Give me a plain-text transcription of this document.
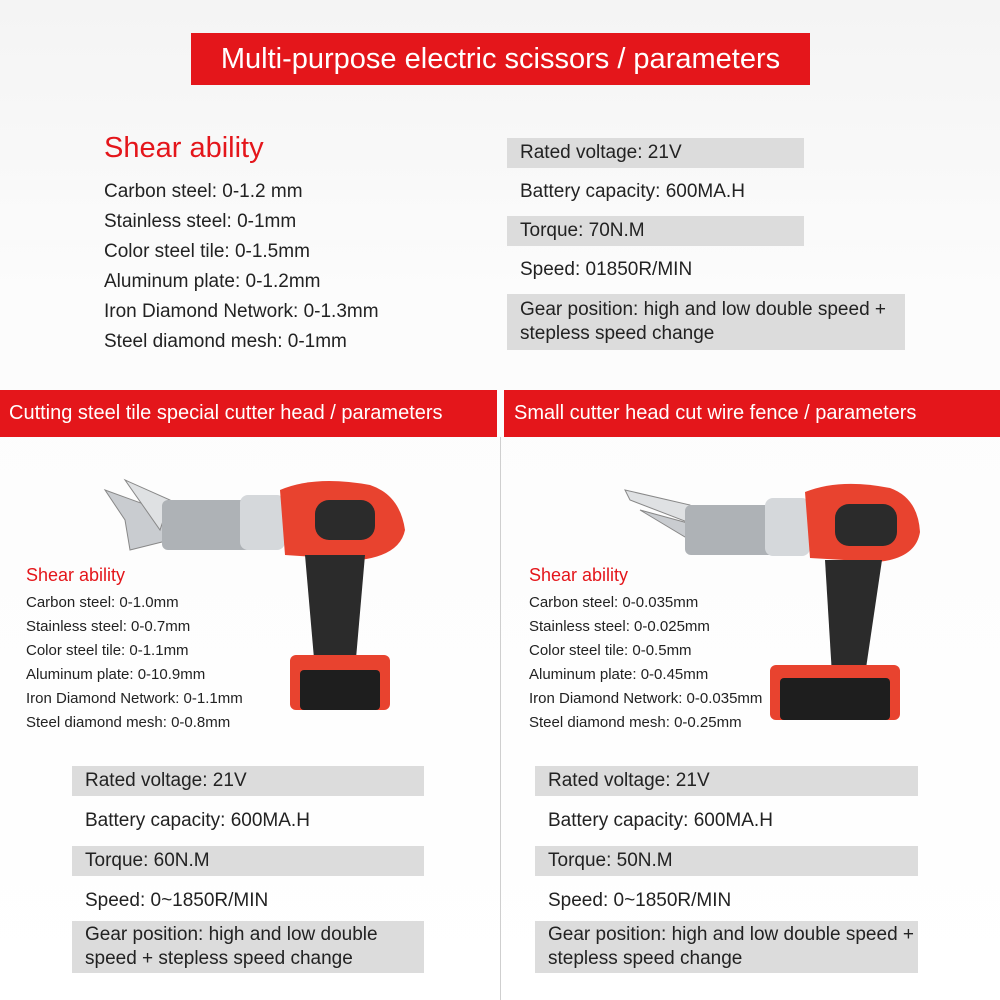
Multi-purpose electric scissors / parameters
Shear ability
Carbon steel: 0-1.2 mm
Stainless steel: 0-1mm
Color steel tile: 0-1.5mm
Aluminum plate: 0-1.2mm
Iron Diamond Network: 0-1.3mm
Steel diamond mesh: 0-1mm
Rated voltage: 21V
Battery capacity: 600MA.H
Torque: 70N.M
Speed: 01850R/MIN
Gear position: high and low double speed + stepless speed change
Cutting steel tile special cutter head / parameters	Small cutter head cut wire fence / parameters
Shear ability
Carbon steel: 0-1.0mm
Stainless steel: 0-0.7mm
Color steel tile: 0-1.1mm
Aluminum plate: 0-10.9mm
Iron Diamond Network: 0-1.1mm
Steel diamond mesh: 0-0.8mm
Shear ability
Carbon steel: 0-0.035mm
Stainless steel: 0-0.025mm
Color steel tile: 0-0.5mm
Aluminum plate: 0-0.45mm
Iron Diamond Network: 0-0.035mm
Steel diamond mesh: 0-0.25mm
Rated voltage: 21V
Battery capacity: 600MA.H
Torque: 60N.M
Speed: 0~1850R/MIN
Gear position: high and low double speed + stepless speed change
Rated voltage: 21V
Battery capacity: 600MA.H
Torque: 50N.M
Speed: 0~1850R/MIN
Gear position: high and low double speed + stepless speed change
